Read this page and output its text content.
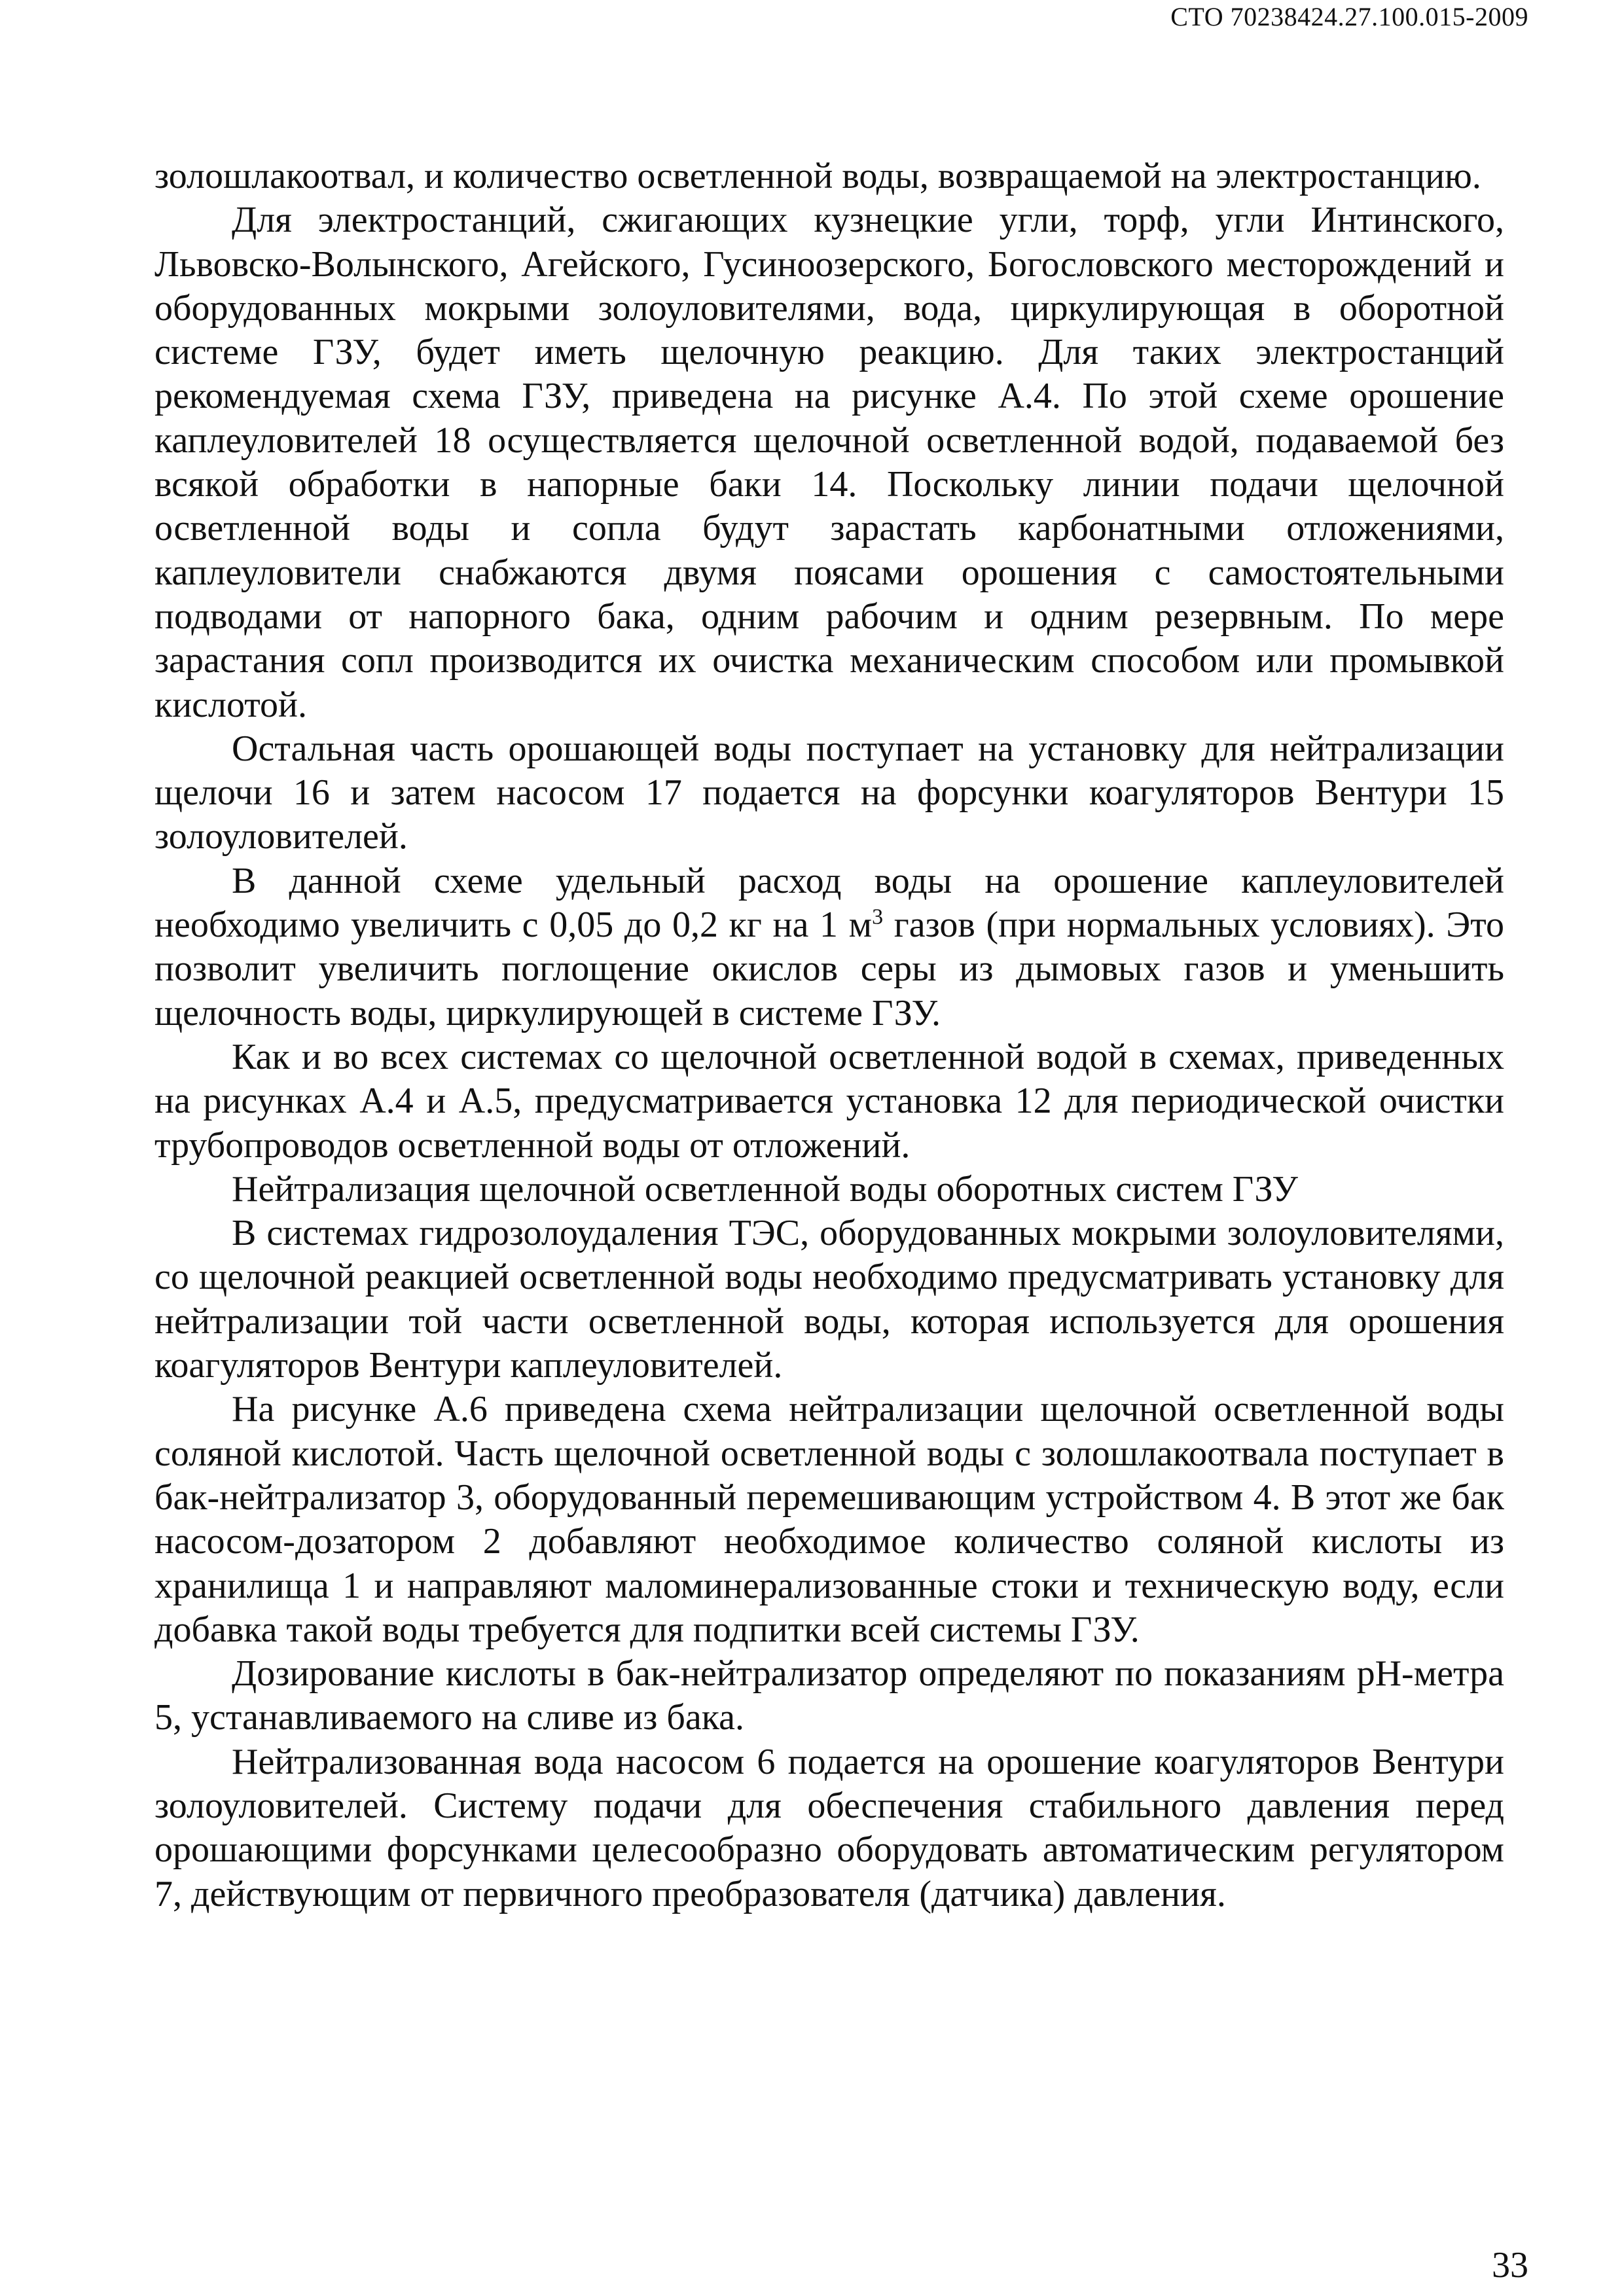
СТО 70238424.27.100.015-2009

золошлакоотвал, и количество осветленной воды, возвращаемой на электростанцию.

Для электростанций, сжигающих кузнецкие угли, торф, угли Интинского, Львовско-Волынского, Агейского, Гусиноозерского, Богословского месторождений и оборудованных мокрыми золоуловителями, вода, циркулирующая в оборотной системе ГЗУ, будет иметь щелочную реакцию. Для таких электростанций рекомендуемая схема ГЗУ, приведена на рисунке А.4. По этой схеме орошение каплеуловителей 18 осуществляется щелочной осветленной водой, подаваемой без всякой обработки в напорные баки 14. Поскольку линии подачи щелочной осветленной воды и сопла будут зарастать карбонатными отложениями, каплеуловители снабжаются двумя поясами орошения с самостоятельными подводами от напорного бака, одним рабочим и одним резервным. По мере зарастания сопл производится их очистка механическим способом или промывкой кислотой.

Остальная часть орошающей воды поступает на установку для нейтрализации щелочи 16 и затем насосом 17 подается на форсунки коагуляторов Вентури 15 золоуловителей.

В данной схеме удельный расход воды на орошение каплеуловителей необходимо увеличить с 0,05 до 0,2 кг на 1 $м^3$ газов (при нормальных условиях). Это позволит увеличить поглощение окислов серы из дымовых газов и уменьшить щелочность воды, циркулирующей в системе ГЗУ.

Как и во всех системах со щелочной осветленной водой в схемах, приведенных на рисунках А.4 и А.5, предусматривается установка 12 для периодической очистки трубопроводов осветленной воды от отложений.

Нейтрализация щелочной осветленной воды оборотных систем ГЗУ

В системах гидрозолоудаления ТЭС, оборудованных мокрыми золоуловителями, со щелочной реакцией осветленной воды необходимо предусматривать установку для нейтрализации той части осветленной воды, которая используется для орошения коагуляторов Вентури каплеуловителей.

На рисунке А.6 приведена схема нейтрализации щелочной осветленной воды соляной кислотой. Часть щелочной осветленной воды с золошлакоотвала поступает в бак-нейтрализатор 3, оборудованный перемешивающим устройством 4. В этот же бак насосом-дозатором 2 добавляют необходимое количество соляной кислоты из хранилища 1 и направляют маломинерализованные стоки и техническую воду, если добавка такой воды требуется для подпитки всей системы ГЗУ.

Дозирование кислоты в бак-нейтрализатор определяют по показаниям pH-метра 5, устанавливаемого на сливе из бака.

Нейтрализованная вода насосом 6 подается на орошение коагуляторов Вентури золоуловителей. Систему подачи для обеспечения стабильного давления перед орошающими форсунками целесообразно оборудовать автоматическим регулятором 7, действующим от первичного преобразователя (датчика) давления.

33
